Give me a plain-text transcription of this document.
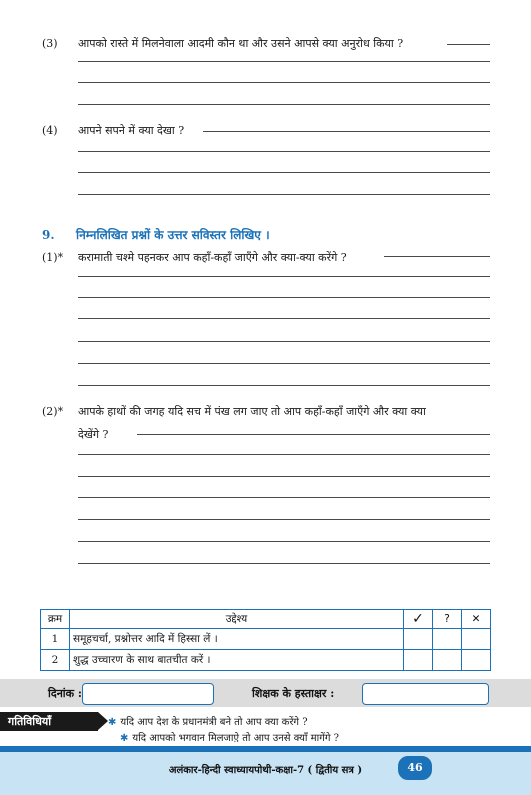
(3) आपको रास्ते में मिलनेवाला आदमी कौन था और उसने आपसे क्या अनुरोध किया ?
(4) आपने सपने में क्या देखा ?
9. निम्नलिखित प्रश्नों के उत्तर सविस्तर लिखिए ।
(1)* करामाती चश्मे पहनकर आप कहाँ-कहाँ जाएँगे और क्या-क्या करेंगे ?
(2)* आपके हाथों की जगह यदि सच में पंख लग जाए तो आप कहाँ-कहाँ जाएँगे और क्या क्या
देखेंगे ?
क्रम	उद्देश्य	✓	?	✕
1	समूहचर्चा, प्रश्नोत्तर आदि में हिस्सा लें ।			
2	शुद्ध उच्चारण के साथ बातचीत करें ।			
दिनांक :	शिक्षक के हस्ताक्षर :
गतिविधियाँ	✱ यदि आप देश के प्रधानमंत्री बने तो आप क्या करेंगे ?
✱ यदि आपको भगवान मिलजाए़े तो आप उनसे क्याँ मागेंगे ?
अलंकार-हिन्दी स्वाध्यायपोथी-कक्षा-7 ( द्वितीय सत्र )	46
